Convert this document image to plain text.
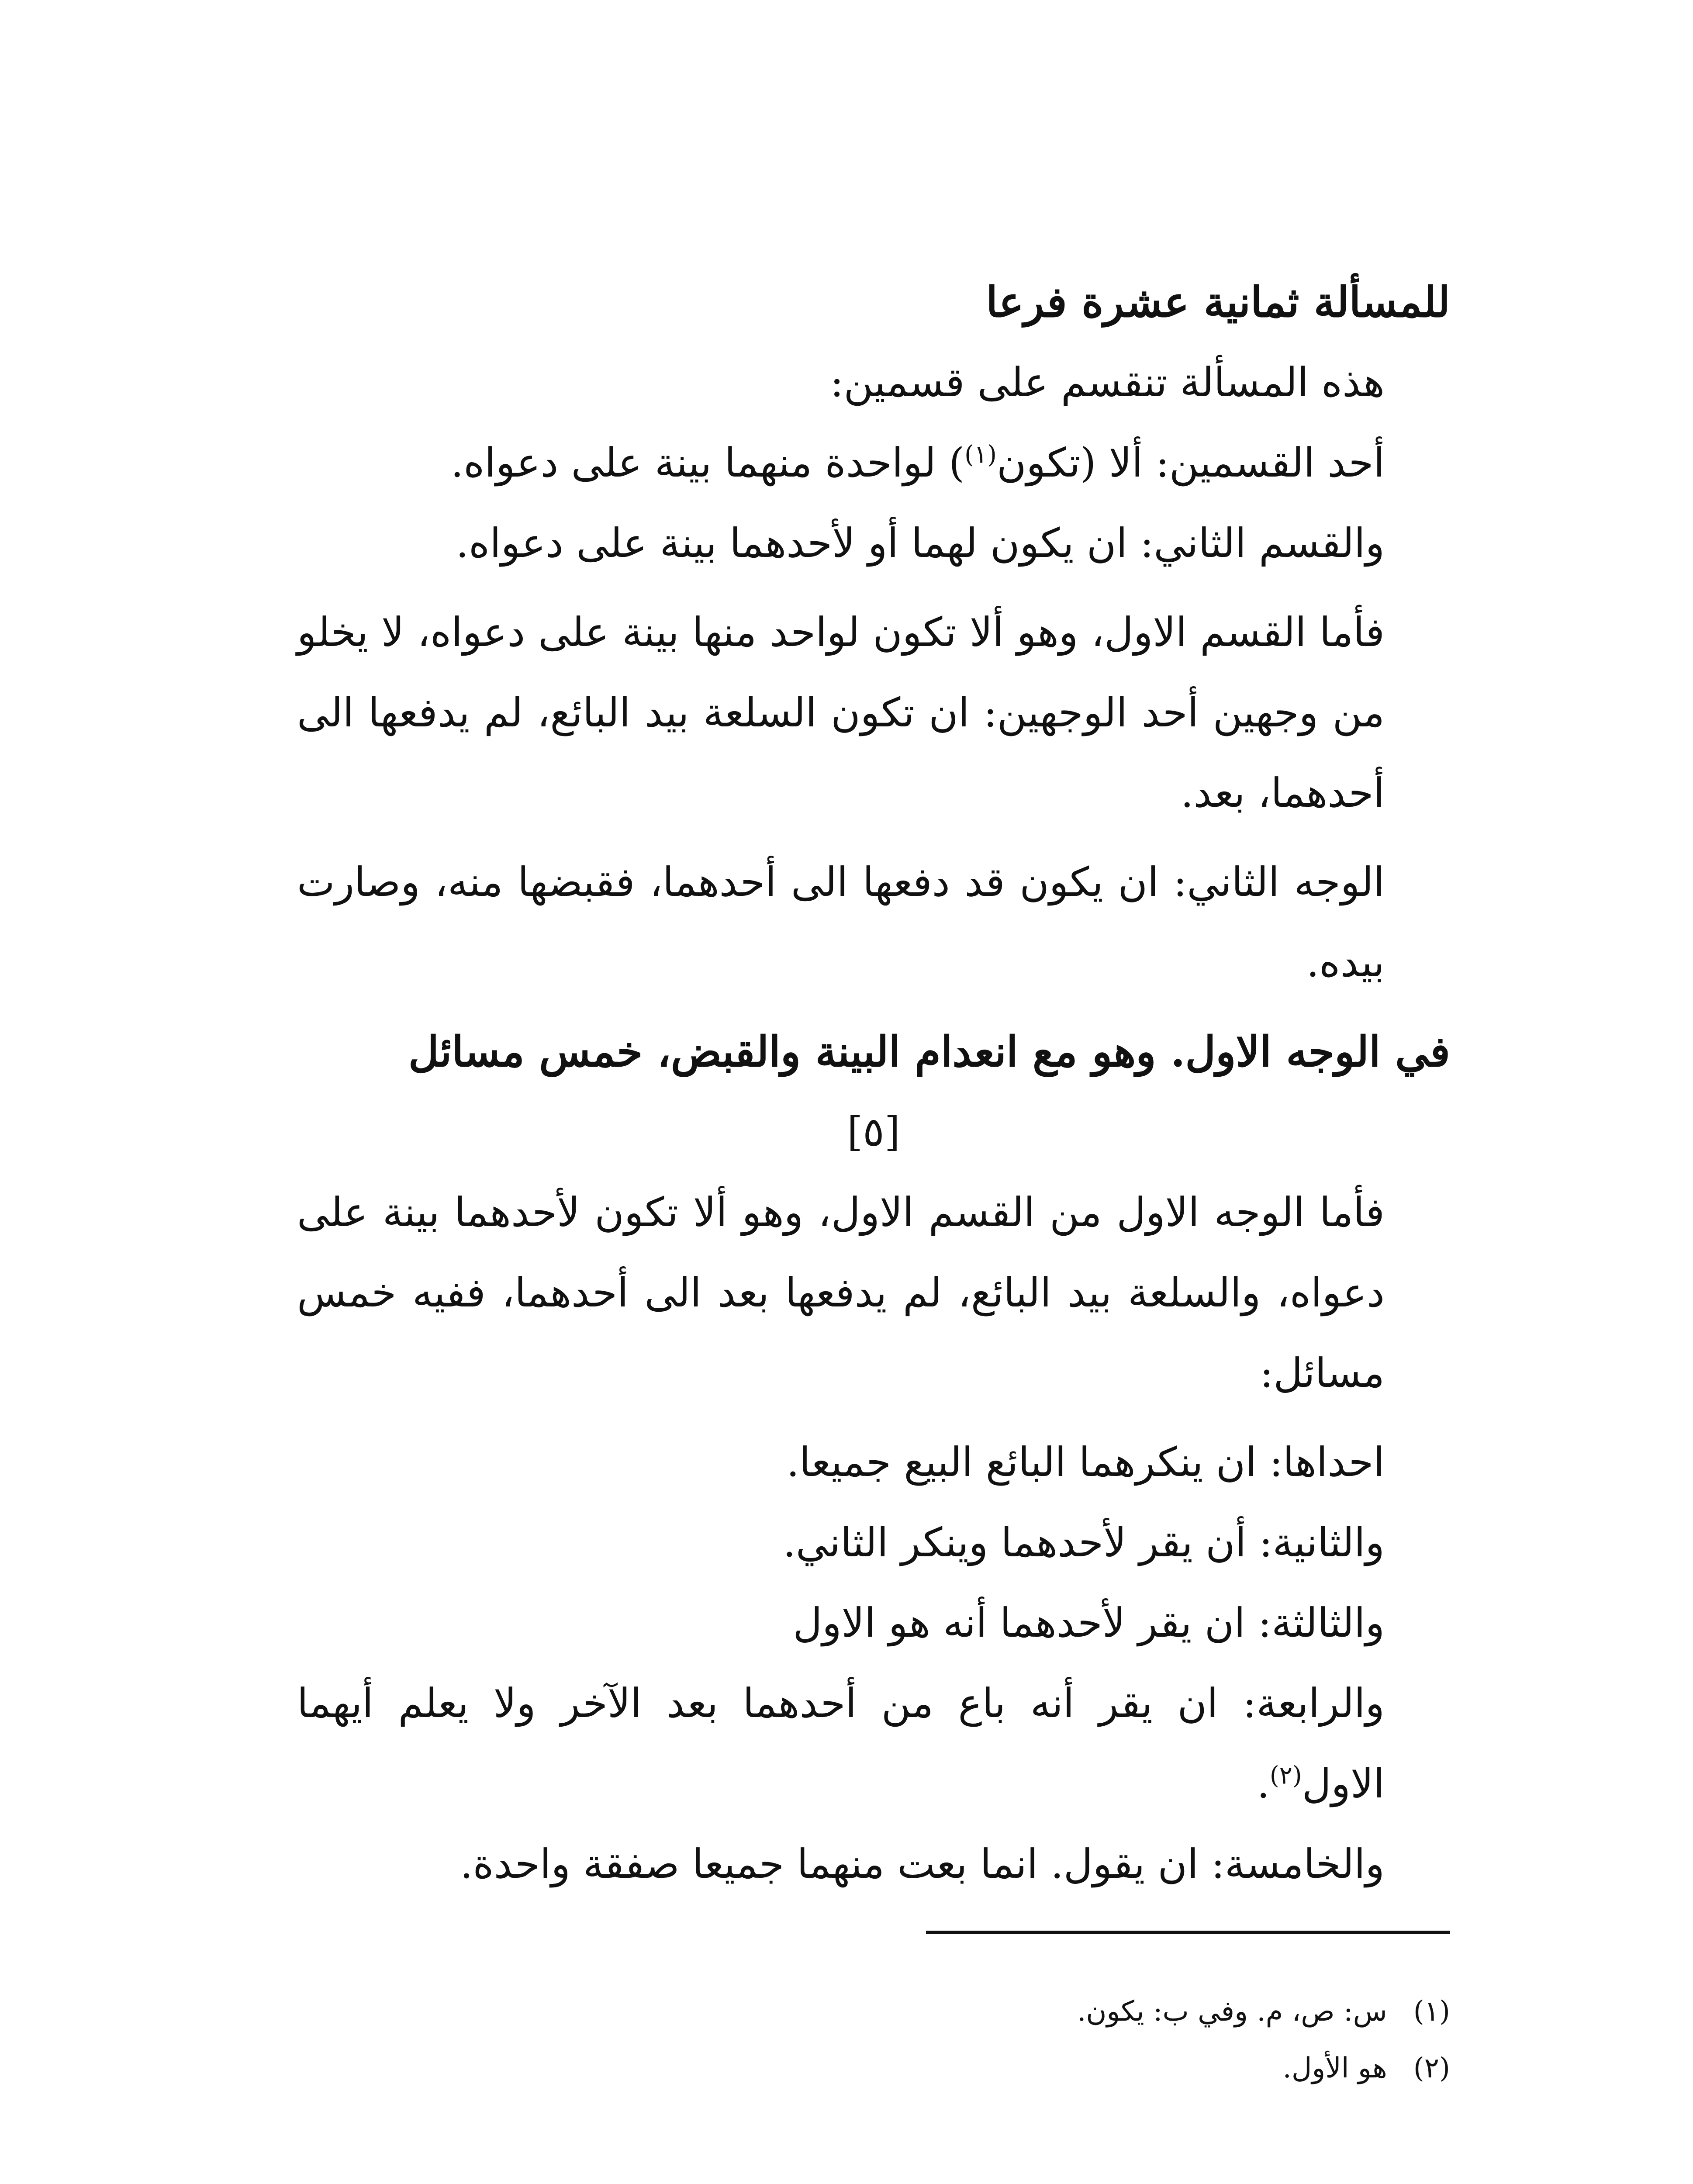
للمسألة ثمانية عشرة فرعا
هذه المسألة تنقسم على قسمين:
أحد القسمين: ألا (تكون$^{(١)}$) لواحدة منهما بينة على دعواه.
والقسم الثاني: ان يكون لهما أو لأحدهما بينة على دعواه.
فأما القسم الاول، وهو ألا تكون لواحد منها بينة على دعواه، لا يخلو من وجهين أحد الوجهين: ان تكون السلعة بيد البائع، لم يدفعها الى أحدهما، بعد.
الوجه الثاني: ان يكون قد دفعها الى أحدهما، فقبضها منه، وصارت بيده.
في الوجه الاول. وهو مع انعدام البينة والقبض، خمس مسائل
[٥]
فأما الوجه الاول من القسم الاول، وهو ألا تكون لأحدهما بينة على دعواه، والسلعة بيد البائع، لم يدفعها بعد الى أحدهما، ففيه خمس مسائل:
احداها: ان ينكرهما البائع البيع جميعا.
والثانية: أن يقر لأحدهما وينكر الثاني.
والثالثة: ان يقر لأحدهما أنه هو الاول
والرابعة: ان يقر أنه باع من أحدهما بعد الآخر ولا يعلم أيهما الاول$^{(٢)}$.
والخامسة: ان يقول. انما بعت منهما جميعا صفقة واحدة.
(١)س: ص، م. وفي ب: يكون.
(٢)هو الأول.
